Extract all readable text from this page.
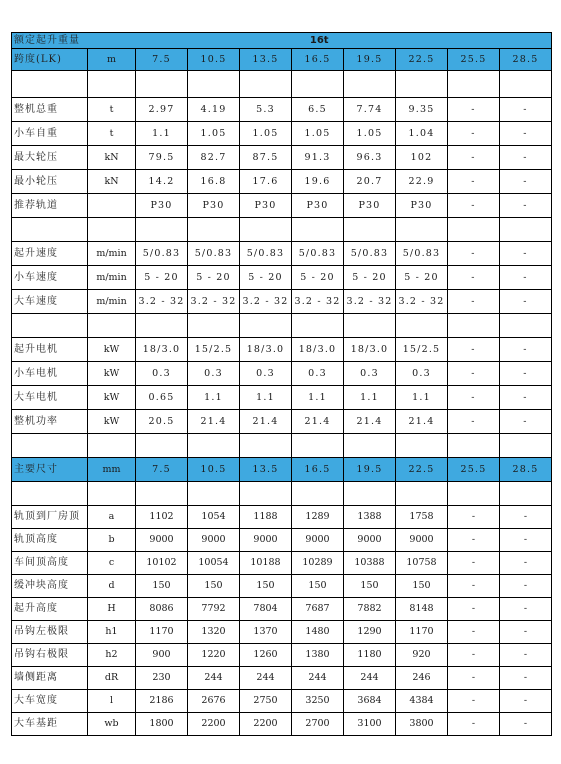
额定起升重量	16t								
跨度(LK)	m	7.5	10.5	13.5	16.5	19.5	22.5	25.5	28.5

整机总重	t	2.97	4.19	5.3	6.5	7.74	9.35	-	-
小车自重	t	1.1	1.05	1.05	1.05	1.05	1.04	-	-
最大轮压	kN	79.5	82.7	87.5	91.3	96.3	102	-	-
最小轮压	kN	14.2	16.8	17.6	19.6	20.7	22.9	-	-
推荐轨道		P30	P30	P30	P30	P30	P30	-	-

起升速度	m/min	5/0.83	5/0.83	5/0.83	5/0.83	5/0.83	5/0.83	-	-
小车速度	m/min	5 - 20	5 - 20	5 - 20	5 - 20	5 - 20	5 - 20	-	-
大车速度	m/min	3.2 - 32	3.2 - 32	3.2 - 32	3.2 - 32	3.2 - 32	3.2 - 32	-	-

起升电机	kW	18/3.0	15/2.5	18/3.0	18/3.0	18/3.0	15/2.5	-	-
小车电机	kW	0.3	0.3	0.3	0.3	0.3	0.3	-	-
大车电机	kW	0.65	1.1	1.1	1.1	1.1	1.1	-	-
整机功率	kW	20.5	21.4	21.4	21.4	21.4	21.4	-	-

主要尺寸	mm	7.5	10.5	13.5	16.5	19.5	22.5	25.5	28.5

轨顶到厂房顶	a	1102	1054	1188	1289	1388	1758	-	-
轨顶高度	b	9000	9000	9000	9000	9000	9000	-	-
车间顶高度	c	10102	10054	10188	10289	10388	10758	-	-
缓冲块高度	d	150	150	150	150	150	150	-	-
起升高度	H	8086	7792	7804	7687	7882	8148	-	-
吊钩左极限	h1	1170	1320	1370	1480	1290	1170	-	-
吊钩右极限	h2	900	1220	1260	1380	1180	920	-	-
墙侧距离	dR	230	244	244	244	244	246	-	-
大车宽度	l	2186	2676	2750	3250	3684	4384	-	-
大车基距	wb	1800	2200	2200	2700	3100	3800	-	-
